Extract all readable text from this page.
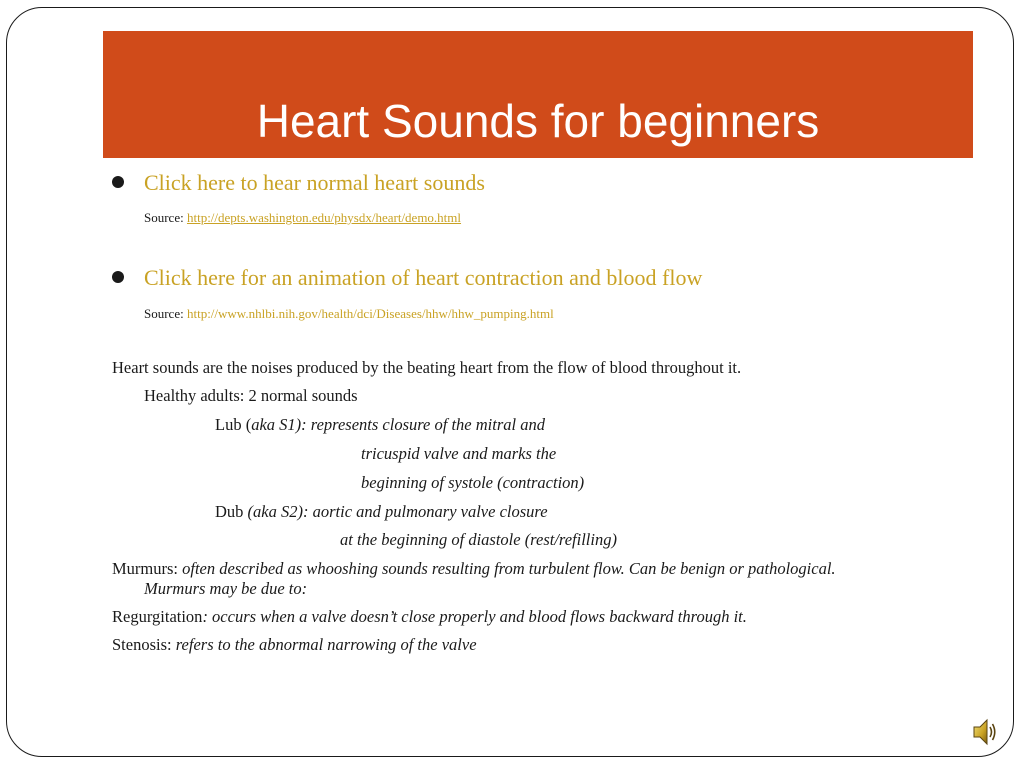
Heart Sounds for beginners
Click here to hear normal heart sounds
Source: http://depts.washington.edu/physdx/heart/demo.html
Click here for an animation of heart contraction and blood flow
Source: http://www.nhlbi.nih.gov/health/dci/Diseases/hhw/hhw_pumping.html
Heart sounds are the noises produced by the beating heart from the flow of blood throughout it.
Healthy adults: 2 normal sounds
Lub (aka S1): represents closure of the mitral and
tricuspid valve and marks the
beginning of systole (contraction)
Dub (aka S2): aortic and pulmonary valve closure
at the beginning of diastole (rest/refilling)
Murmurs: often described as whooshing sounds resulting from turbulent flow. Can be benign or pathological.
Murmurs may be due to:
Regurgitation: occurs when a valve doesn’t close properly and blood flows backward through it.
Stenosis: refers to the abnormal narrowing of the valve
